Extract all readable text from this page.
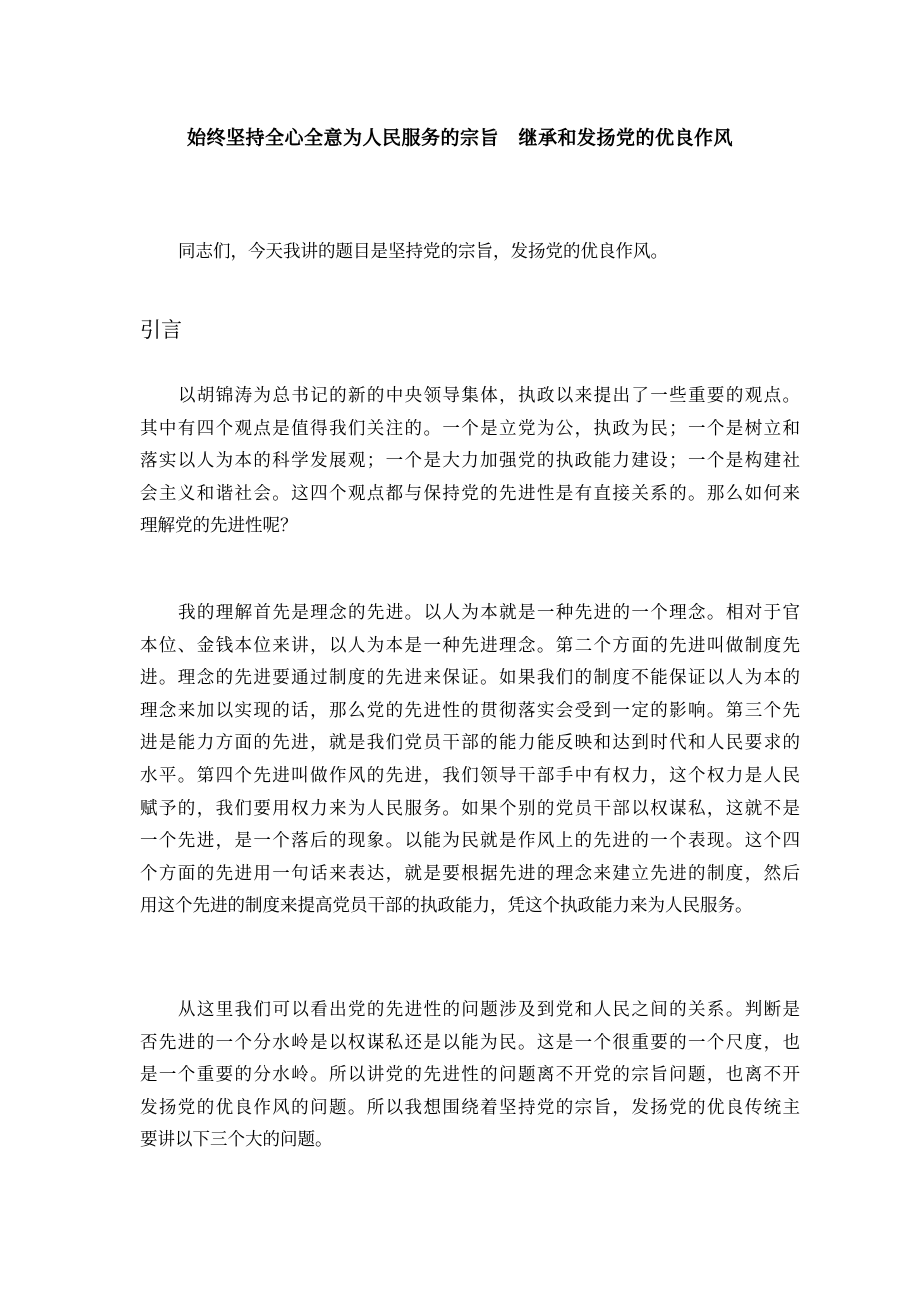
始终坚持全心全意为人民服务的宗旨　继承和发扬党的优良作风
同志们，今天我讲的题目是坚持党的宗旨，发扬党的优良作风。
引言
以胡锦涛为总书记的新的中央领导集体，执政以来提出了一些重要的观点。
其中有四个观点是值得我们关注的。一个是立党为公，执政为民；一个是树立和
落实以人为本的科学发展观；一个是大力加强党的执政能力建设；一个是构建社
会主义和谐社会。这四个观点都与保持党的先进性是有直接关系的。那么如何来
理解党的先进性呢？
我的理解首先是理念的先进。以人为本就是一种先进的一个理念。相对于官
本位、金钱本位来讲，以人为本是一种先进理念。第二个方面的先进叫做制度先
进。理念的先进要通过制度的先进来保证。如果我们的制度不能保证以人为本的
理念来加以实现的话，那么党的先进性的贯彻落实会受到一定的影响。第三个先
进是能力方面的先进，就是我们党员干部的能力能反映和达到时代和人民要求的
水平。第四个先进叫做作风的先进，我们领导干部手中有权力，这个权力是人民
赋予的，我们要用权力来为人民服务。如果个别的党员干部以权谋私，这就不是
一个先进，是一个落后的现象。以能为民就是作风上的先进的一个表现。这个四
个方面的先进用一句话来表达，就是要根据先进的理念来建立先进的制度，然后
用这个先进的制度来提高党员干部的执政能力，凭这个执政能力来为人民服务。
从这里我们可以看出党的先进性的问题涉及到党和人民之间的关系。判断是
否先进的一个分水岭是以权谋私还是以能为民。这是一个很重要的一个尺度，也
是一个重要的分水岭。所以讲党的先进性的问题离不开党的宗旨问题，也离不开
发扬党的优良作风的问题。所以我想围绕着坚持党的宗旨，发扬党的优良传统主
要讲以下三个大的问题。
